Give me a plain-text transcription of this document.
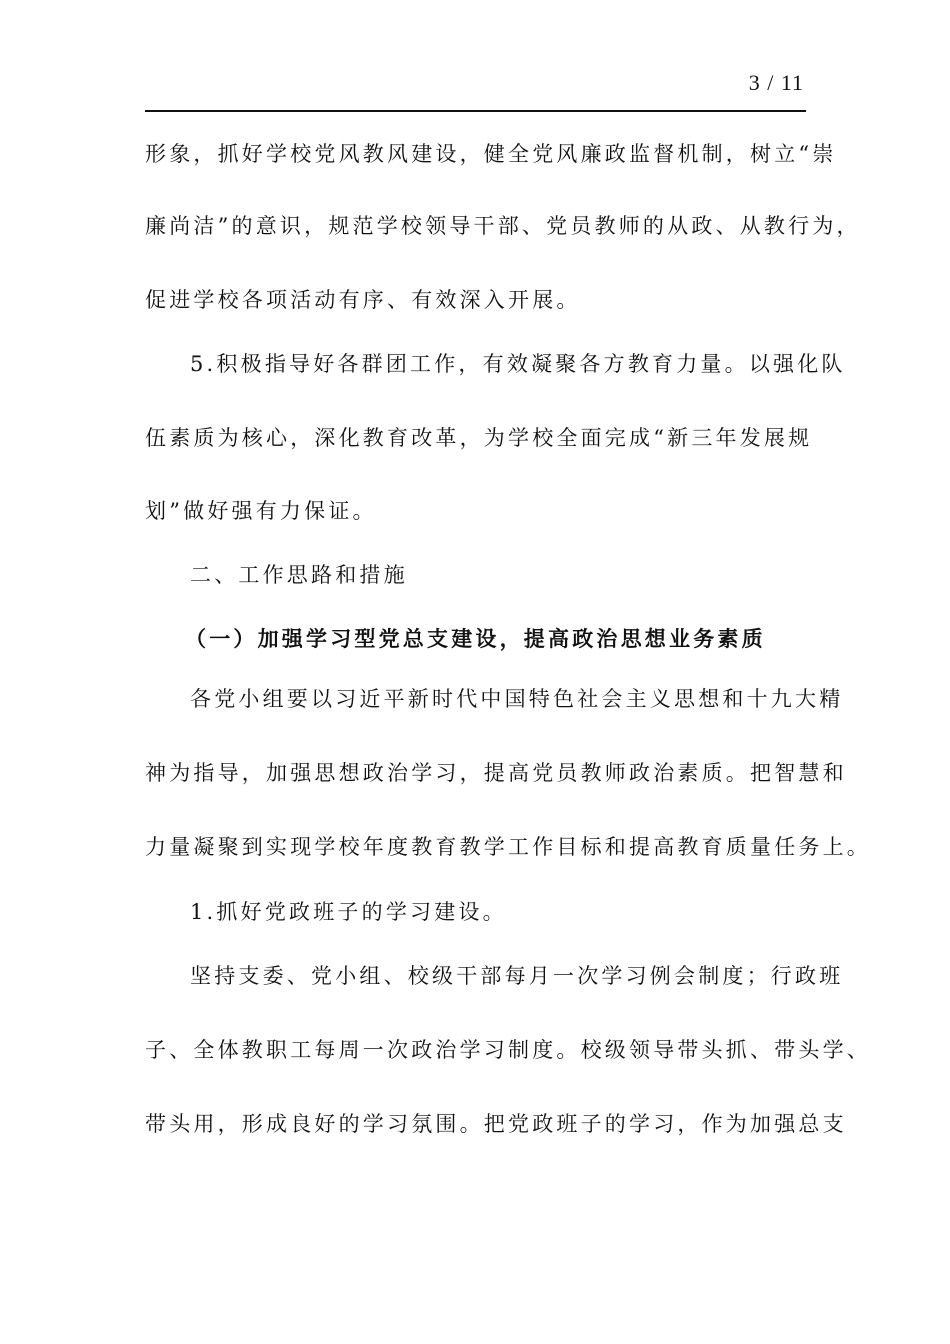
3 / 11
形象，抓好学校党风教风建设，健全党风廉政监督机制，树立“崇
廉尚洁”的意识，规范学校领导干部、党员教师的从政、从教行为，
促进学校各项活动有序、有效深入开展。
5.积极指导好各群团工作，有效凝聚各方教育力量。以强化队
伍素质为核心，深化教育改革，为学校全面完成“新三年发展规
划”做好强有力保证。
二、工作思路和措施
（一）加强学习型党总支建设，提高政治思想业务素质
各党小组要以习近平新时代中国特色社会主义思想和十九大精
神为指导，加强思想政治学习，提高党员教师政治素质。把智慧和
力量凝聚到实现学校年度教育教学工作目标和提高教育质量任务上。
1.抓好党政班子的学习建设。
坚持支委、党小组、校级干部每月一次学习例会制度；行政班
子、全体教职工每周一次政治学习制度。校级领导带头抓、带头学、
带头用，形成良好的学习氛围。把党政班子的学习，作为加强总支
